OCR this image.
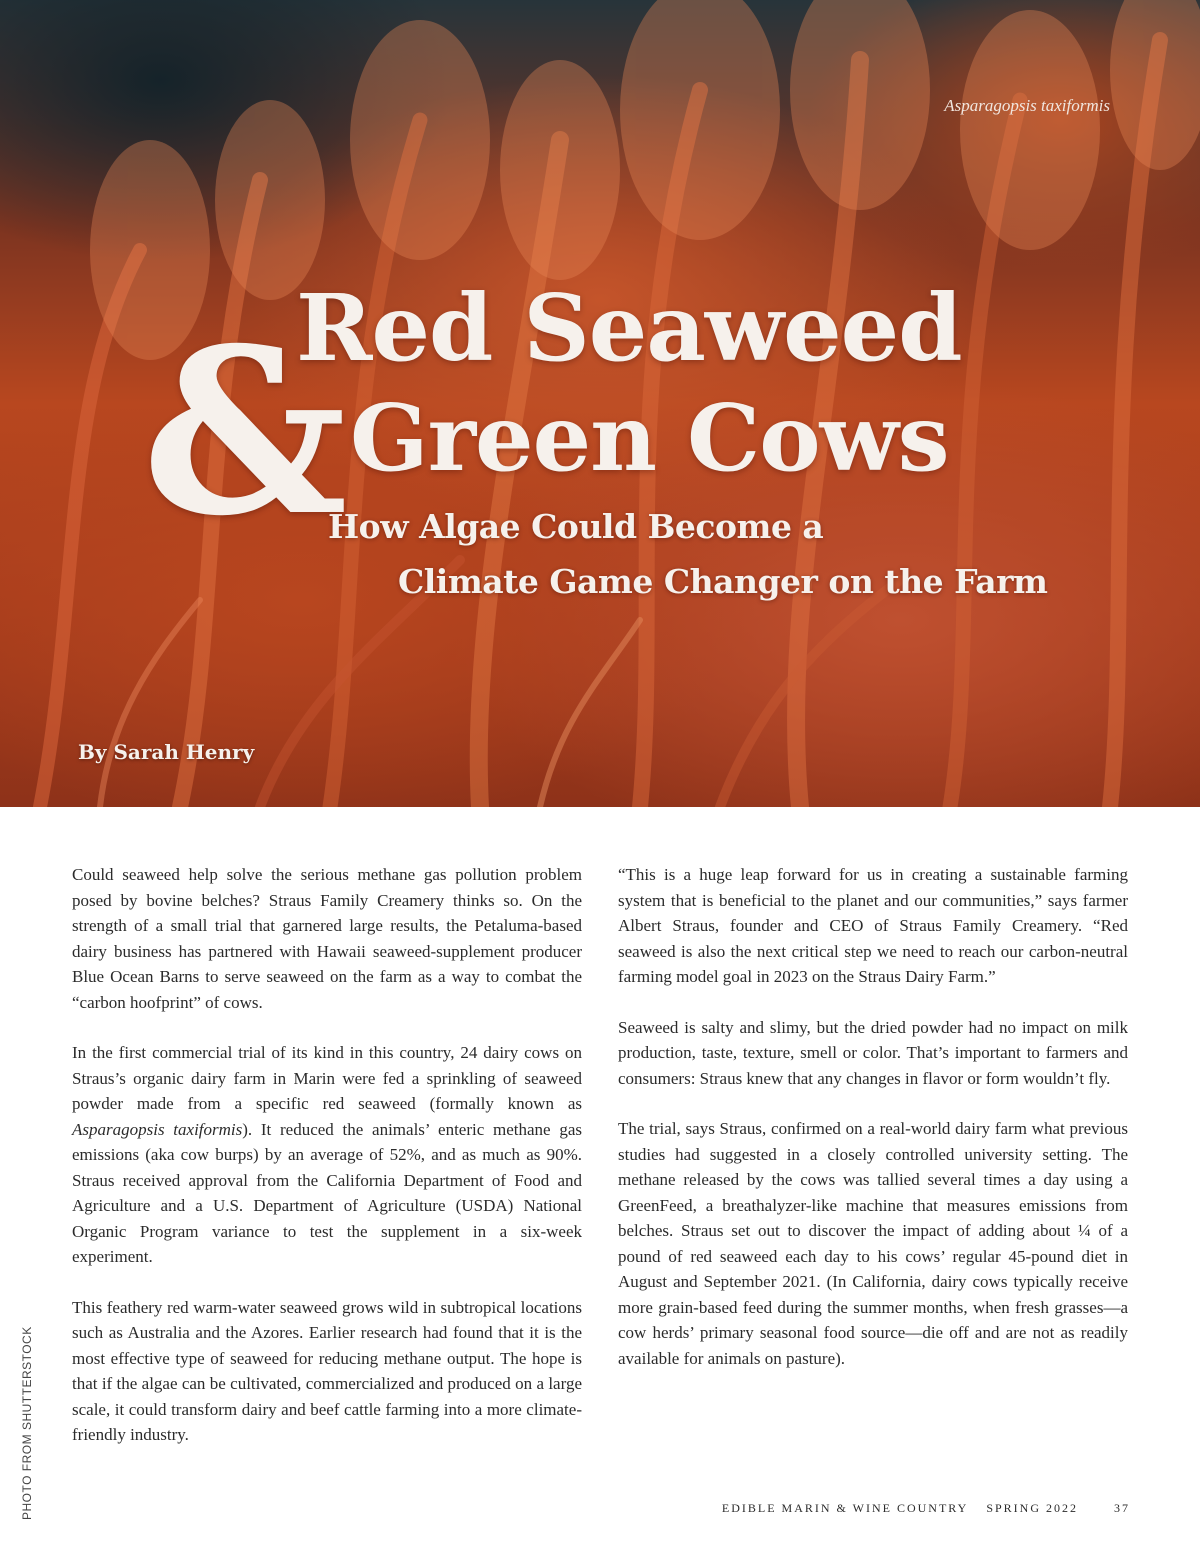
Asparagopsis taxiformis
&
Red Seaweed
Green Cows
How Algae Could Become a
Climate Game Changer on the Farm
By Sarah Henry

Could seaweed help solve the serious methane gas pollution problem posed by bovine belches? Straus Family Creamery thinks so. On the strength of a small trial that garnered large results, the Petaluma-based dairy business has partnered with Hawaii seaweed-supplement producer Blue Ocean Barns to serve seaweed on the farm as a way to combat the “carbon hoofprint” of cows.

In the first commercial trial of its kind in this country, 24 dairy cows on Straus’s organic dairy farm in Marin were fed a sprinkling of seaweed powder made from a specific red seaweed (formally known as Asparagopsis taxiformis). It reduced the animals’ enteric methane gas emissions (aka cow burps) by an average of 52%, and as much as 90%. Straus received approval from the California Department of Food and Agriculture and a U.S. Department of Agriculture (USDA) National Organic Program variance to test the supplement in a six-week experiment.

This feathery red warm-water seaweed grows wild in subtropical locations such as Australia and the Azores. Earlier research had found that it is the most effective type of seaweed for reducing methane output. The hope is that if the algae can be cultivated, commercialized and produced on a large scale, it could transform dairy and beef cattle farming into a more climate-friendly industry.

“This is a huge leap forward for us in creating a sustainable farming system that is beneficial to the planet and our communities,” says farmer Albert Straus, founder and CEO of Straus Family Creamery. “Red seaweed is also the next critical step we need to reach our carbon-neutral farming model goal in 2023 on the Straus Dairy Farm.”

Seaweed is salty and slimy, but the dried powder had no impact on milk production, taste, texture, smell or color. That’s important to farmers and consumers: Straus knew that any changes in flavor or form wouldn’t fly.

The trial, says Straus, confirmed on a real-world dairy farm what previous studies had suggested in a closely controlled university setting. The methane released by the cows was tallied several times a day using a GreenFeed, a breathalyzer-like machine that measures emissions from belches. Straus set out to discover the impact of adding about ¼ of a pound of red seaweed each day to his cows’ regular 45-pound diet in August and September 2021. (In California, dairy cows typically receive more grain-based feed during the summer months, when fresh grasses—a cow herds’ primary seasonal food source—die off and are not as readily available for animals on pasture).

PHOTO FROM SHUTTERSTOCK	EDIBLE MARIN & WINE COUNTRY SPRING 2022	37
